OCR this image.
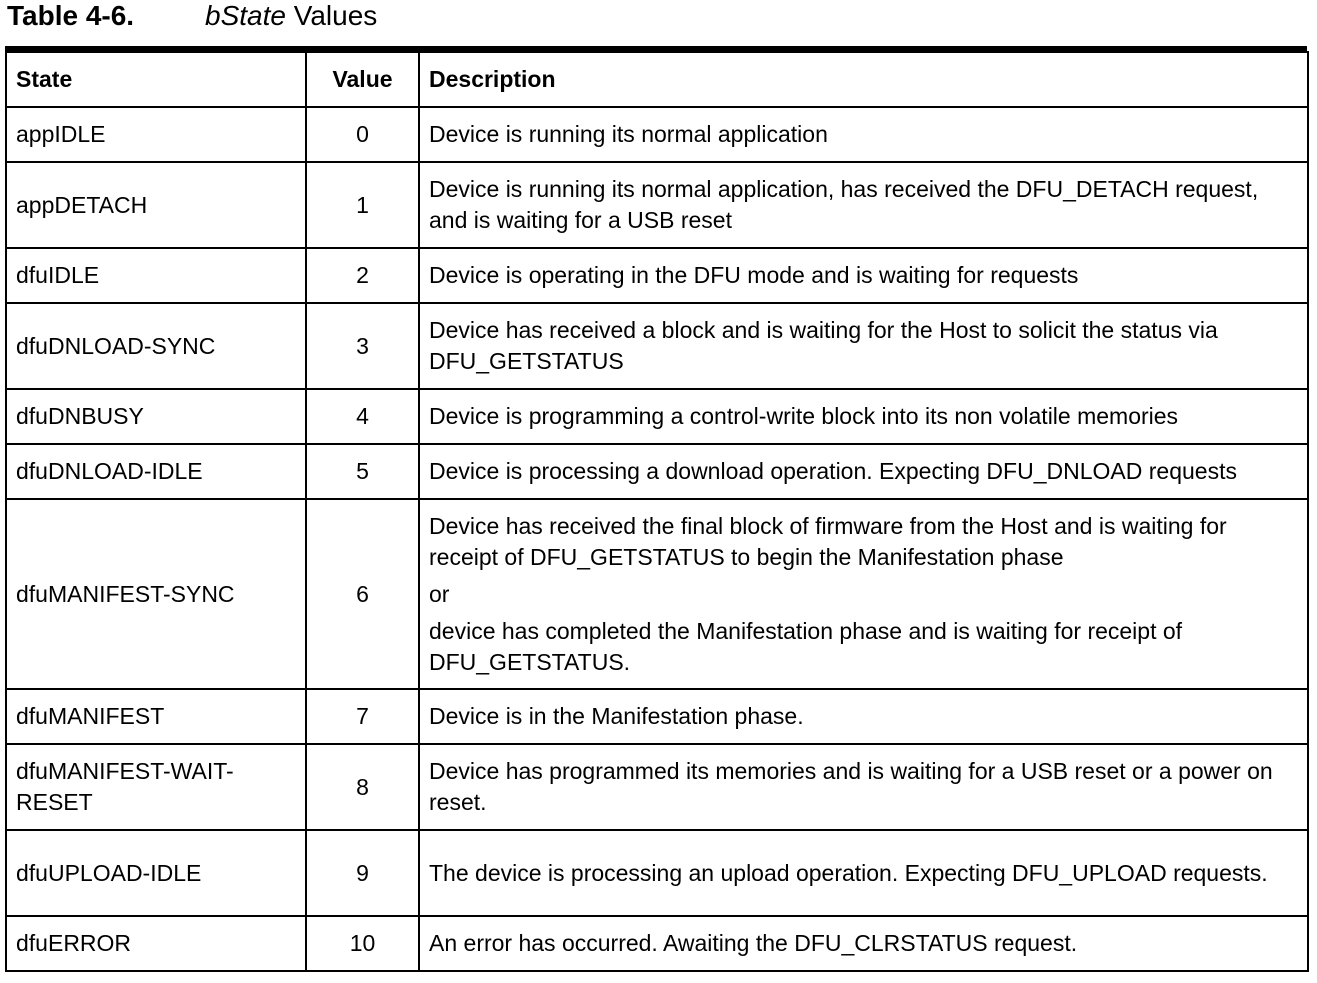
Table 4-6.	bState Values
State	Value	Description
appIDLE	0	Device is running its normal application

appDETACH	1	Device is running its normal application, has received the DFU_DETACH request, and is waiting for a USB reset

dfuIDLE	2	Device is operating in the DFU mode and is waiting for requests

dfuDNLOAD-SYNC	3	Device has received a block and is waiting for the Host to solicit the status via DFU_GETSTATUS

dfuDNBUSY	4	Device is programming a control-write block into its non volatile memories

dfuDNLOAD-IDLE	5	Device is processing a download operation. Expecting DFU_DNLOAD requests

dfuMANIFEST-SYNC	6	Device has received the final block of firmware from the Host and is waiting for receipt of DFU_GETSTATUS to begin the Manifestation phase
or
device has completed the Manifestation phase and is waiting for receipt of DFU_GETSTATUS.

dfuMANIFEST	7	Device is in the Manifestation phase.

dfuMANIFEST-WAIT-RESET	8	Device has programmed its memories and is waiting for a USB reset or a power on reset.

dfuUPLOAD-IDLE	9	The device is processing an upload operation. Expecting DFU_UPLOAD requests.

dfuERROR	10	An error has occurred. Awaiting the DFU_CLRSTATUS request.
